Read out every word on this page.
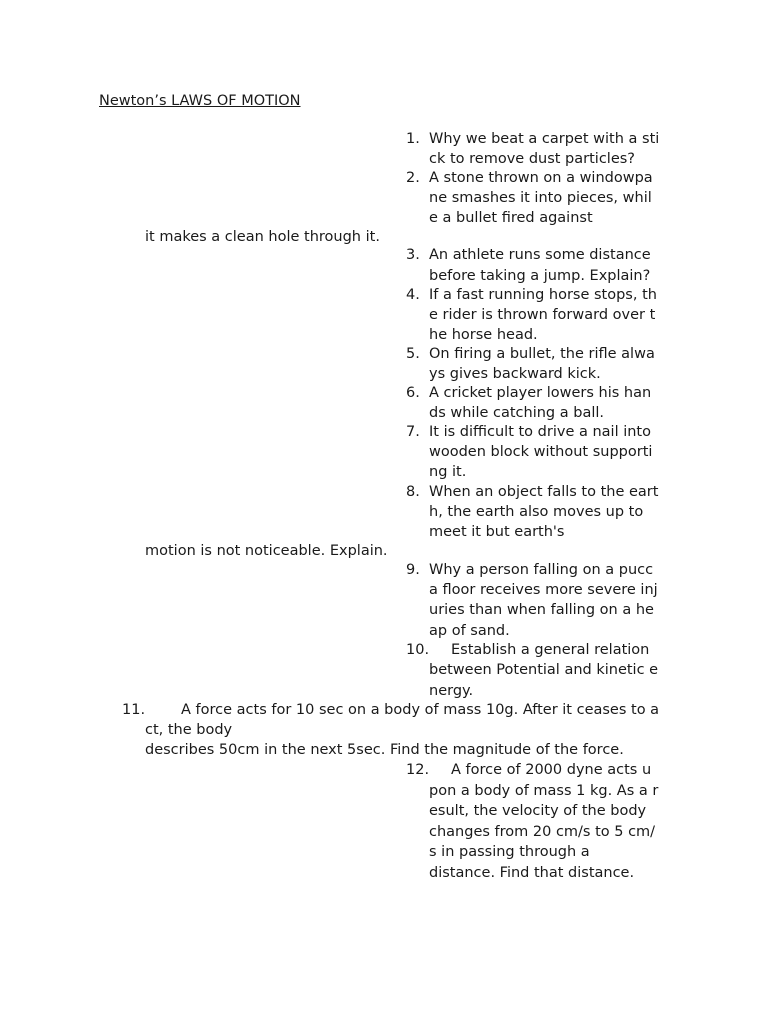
Newton’s LAWS OF MOTION
1. Why we beat a carpet with a sti
ck to remove dust particles?
2. A stone thrown on a windowpa
ne smashes it into pieces, whil
e a bullet fired against
it makes a clean hole through it.
3. An athlete runs some distance
before taking a jump. Explain?
4. If a fast running horse stops, th
e rider is thrown forward over t
he horse head.
5. On firing a bullet, the rifle alwa
ys gives backward kick.
6. A cricket player lowers his han
ds while catching a ball.
7. It is difficult to drive a nail into
wooden block without supporti
ng it.
8. When an object falls to the eart
h, the earth also moves up to
meet it but earth's
motion is not noticeable. Explain.
9. Why a person falling on a pucc
a floor receives more severe inj
uries than when falling on a he
ap of sand.
10. Establish a general relation
between Potential and kinetic e
nergy.
11. A force acts for 10 sec on a body of mass 10g. After it ceases to a
ct, the body
describes 50cm in the next 5sec. Find the magnitude of the force.
12. A force of 2000 dyne acts u
pon a body of mass 1 kg. As a r
esult, the velocity of the body
changes from 20 cm/s to 5 cm/
s in passing through a
distance. Find that distance.
